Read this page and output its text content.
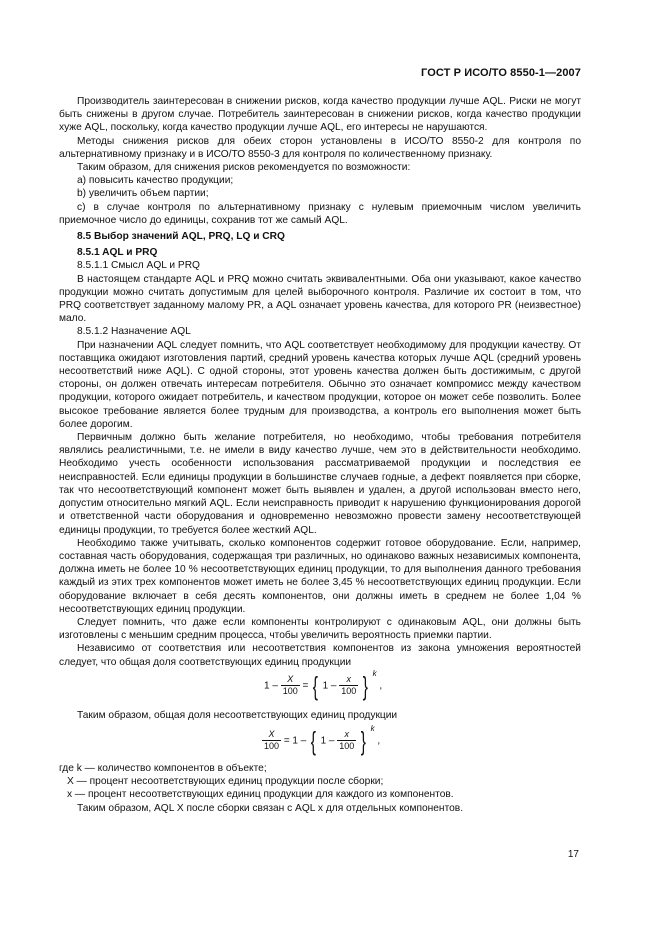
ГОСТ Р ИСО/ТО 8550-1—2007

Производитель заинтересован в снижении рисков, когда качество продукции лучше AQL. Риски не могут быть снижены в другом случае. Потребитель заинтересован в снижении рисков, когда качество продукции хуже AQL, поскольку, когда качество продукции лучше AQL, его интересы не нарушаются.

Методы снижения рисков для обеих сторон установлены в ИСО/ТО 8550-2 для контроля по альтернативному признаку и в ИСО/ТО 8550-3 для контроля по количественному признаку.

Таким образом, для снижения рисков рекомендуется по возможности:

a) повысить качество продукции;

b) увеличить объем партии;

c) в случае контроля по альтернативному признаку с нулевым приемочным числом увеличить приемочное число до единицы, сохранив тот же самый AQL.

8.5 Выбор значений AQL, PRQ, LQ и CRQ

8.5.1 AQL и PRQ

8.5.1.1 Смысл AQL и PRQ

В настоящем стандарте AQL и PRQ можно считать эквивалентными. Оба они указывают, какое качество продукции можно считать допустимым для целей выборочного контроля. Различие их состоит в том, что PRQ соответствует заданному малому PR, а AQL означает уровень качества, для которого PR (неизвестное) мало.

8.5.1.2 Назначение AQL

При назначении AQL следует помнить, что AQL соответствует необходимому для продукции качеству. От поставщика ожидают изготовления партий, средний уровень качества которых лучше AQL (средний уровень несоответствий ниже AQL). С одной стороны, этот уровень качества должен быть достижимым, с другой стороны, он должен отвечать интересам потребителя. Обычно это означает компромисс между качеством продукции, которого ожидает потребитель, и качеством продукции, которое он может себе позволить. Более высокое требование является более трудным для производства, а контроль его выполнения может быть более дорогим.

Первичным должно быть желание потребителя, но необходимо, чтобы требования потребителя являлись реалистичными, т.е. не имели в виду качество лучше, чем это в действительности необходимо. Необходимо учесть особенности использования рассматриваемой продукции и последствия ее неисправностей. Если единицы продукции в большинстве случаев годные, а дефект появляется при сборке, так что несоответствующий компонент может быть выявлен и удален, а другой использован вместо него, допустим относительно мягкий AQL. Если неисправность приводит к нарушению функционирования дорогой и ответственной части оборудования и одновременно невозможно провести замену несоответствующей единицы продукции, то требуется более жесткий AQL.

Необходимо также учитывать, сколько компонентов содержит готовое оборудование. Если, например, составная часть оборудования, содержащая три различных, но одинаково важных независимых компонента, должна иметь не более 10 % несоответствующих единиц продукции, то для выполнения данного требования каждый из этих трех компонентов может иметь не более 3,45 % несоответствующих единиц продукции. Если оборудование включает в себя десять компонентов, они должны иметь в среднем не более 1,04 % несоответствующих единиц продукции.

Следует помнить, что даже если компоненты контролируют с одинаковым AQL, они должны быть изготовлены с меньшим средним процесса, чтобы увеличить вероятность приемки партии.

Независимо от соответствия или несоответствия компонентов из закона умножения вероятностей следует, что общая доля соответствующих единиц продукции

$1 - \frac{X}{100}$ = { $1 - \frac{x}{100}$ } $^k$ ,

Таким образом, общая доля несоответствующих единиц продукции

$\frac{X}{100} = 1$ – { $1 - \frac{x}{100}$ } $^k$ ,

где k — количество компонентов в объекте;

X — процент несоответствующих единиц продукции после сборки;

x — процент несоответствующих единиц продукции для каждого из компонентов.

Таким образом, AQL X после сборки связан с AQL x для отдельных компонентов.

17
